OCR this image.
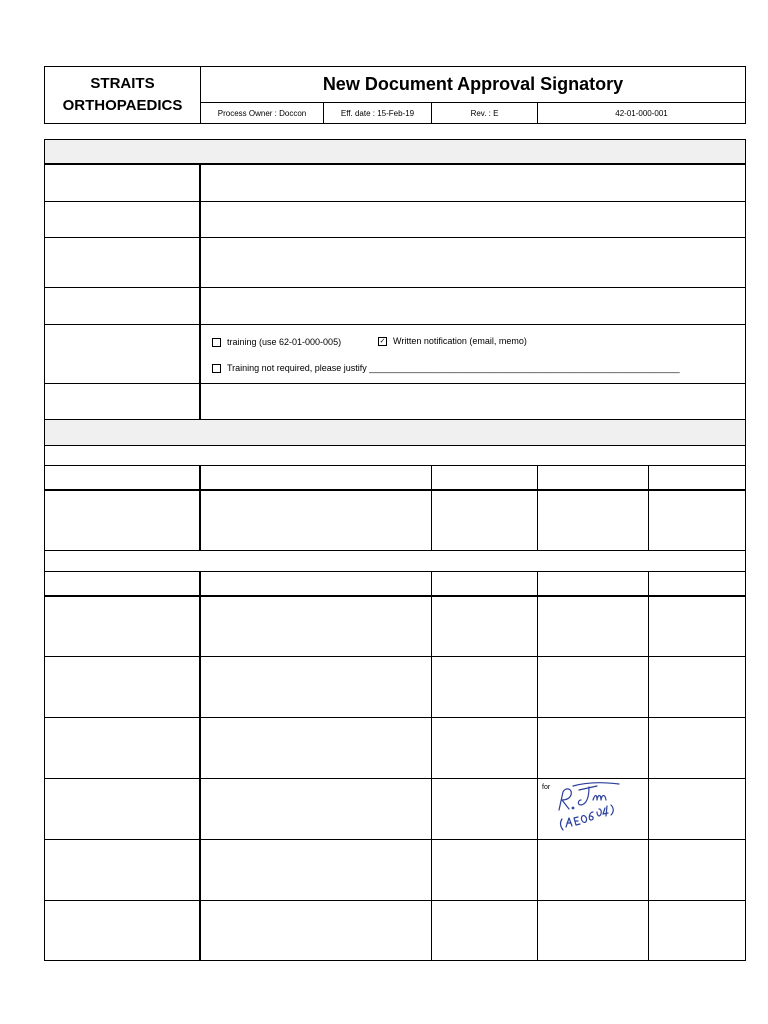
STRAITS
ORTHOPAEDICS
New Document Approval Signatory
Process Owner : Doccon	Eff. date : 15-Feb-19	Rev. : E	42-01-000-001
training (use 62-01-000-005)	✓ Written notification (email, memo)
Training not required, please justify ______________________________________________________________
for
